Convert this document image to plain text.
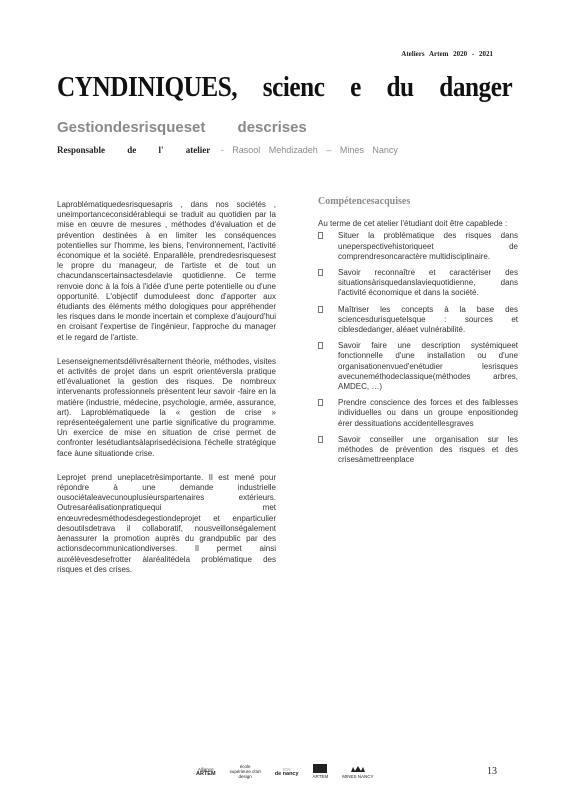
Ateliers Artem 2020 - 2021
CYNDINIQUES, scienc e du danger
Gestiondesrisqueset descrises
Responsable de l' atelier - Rasool Mehdizadeh – Mines Nancy

Laproblématiquedesrisquesapris , dans nos sociétés , uneimportanceconsidérablequi se traduit au quotidien par la mise en œuvre de mesures , méthodes d'évaluation et de prévention destinées à en limiter les conséquences potentielles sur l'homme, les biens, l'environnement, l'activité économique et la société. Enparallèle, prendredesrisquesest le propre du manageur, de l'artiste et de tout un chacundanscertainsactesdelavie quotidienne. Ce terme renvoie donc à la fois à l'idée d'une perte potentielle ou d'une opportunité. L'objectif dumoduleest donc d'apporter aux étudiants des éléments métho dologiques pour appréhender les risques dans le monde incertain et complexe d'aujourd'hui en croisant l'expertise de l'ingénieur, l'approche du manager et le regard de l'artiste.

Lesenseignementsdélivrésalternent théorie, méthodes, visites et activités de projet dans un esprit orientéversla pratique etl'évaluationet la gestion des risques. De nombreux intervenants professionnels présentent leur savoir -faire en la matière (industrie, médecine, psychologie, armée, assurance, art). Laproblématiquede la « gestion de crise » représenteégalement une partie significative du programme. Un exercice de mise en situation de crise permet de confronter lesétudiantsàlaprisedécisiona l'échelle stratégique face àune situationde crise.

Leprojet prend uneplacetrèsimportante. Il est mené pour répondre à une demande industrielle ousociétaleavecunouplusieurspartenaires extérieurs. Outresaréalisationpratiquequi met enœuvredesméthodesdegestiondeprojet et enparticulier desoutilsdetrava il collaboratif, nousveillonségalement àenassurer la promotion auprès du grandpublic par des actionsdecommunicationdiverses. Il permet ainsi auxélèvesdesefrotter àlaréalitédela problématique des risques et des crises.

Compétencesacquises

Au terme de cet atelier l'étudiant doit être capablede :

Situer la problématique des risques dans uneperspectivehistoriqueet de comprendresoncaractère multidisciplinaire.
Savoir reconnaître et caractériser des situationsàrisquedanslaviequotidienne, dans l'activité économique et dans la société.
Maîtriser les concepts à la base des sciencesdurisquetelsque : sources et ciblesdedanger, aléaet vulnérabilité.
Savoir faire une description systémiqueet fonctionnelle d'une installation ou d'une organisationenvued'enétudier lesrisques avecuneméthodeclassique(méthodes arbres, AMDEC, …)
Prendre conscience des forces et des faiblesses individuelles ou dans un groupe enpositiondeg érer dessituations accidentellesgraves
Savoir conseiller une organisation sur les méthodes de prévention des risques et des crisesàmettreenplace
Alliance
ARTEM
école
supérieure d'art
design
ICN
de nancy	ARTEM	MINES NANCY	13
